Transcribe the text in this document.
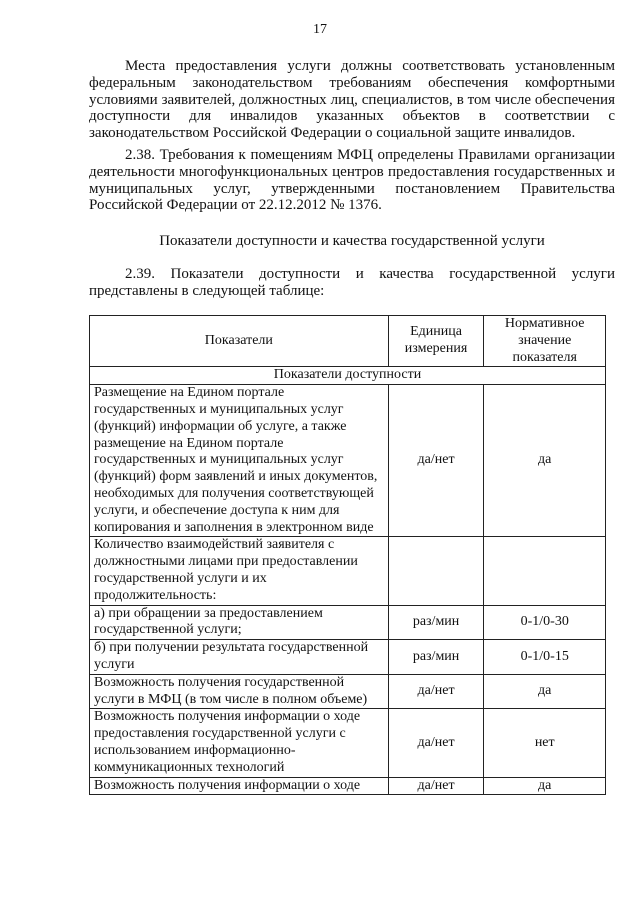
17

Места предоставления услуги должны соответствовать установленным федеральным законодательством требованиям обеспечения комфортными условиями заявителей, должностных лиц, специалистов, в том числе обеспечения доступности для инвалидов указанных объектов в соответствии с законодательством Российской Федерации о социальной защите инвалидов.

2.38. Требования к помещениям МФЦ определены Правилами организации деятельности многофункциональных центров предоставления государственных и муниципальных услуг, утвержденными постановлением Правительства Российской Федерации от 22.12.2012 № 1376.

Показатели доступности и качества государственной услуги

2.39. Показатели доступности и качества государственной услуги представлены в следующей таблице:

Показатели	Единица измерения	Нормативное значение показателя
Показатели доступности		
Размещение на Едином портале государственных и муниципальных услуг (функций) информации об услуге, а также размещение на Едином портале государственных и муниципальных услуг (функций) форм заявлений и иных документов, необходимых для получения соответствующей услуги, и обеспечение доступа к ним для копирования и заполнения в электронном виде	да/нет	да
Количество взаимодействий заявителя с должностными лицами при предоставлении государственной услуги и их продолжительность:		
а) при обращении за предоставлением государственной услуги;	раз/мин	0-1/0-30
б) при получении результата государственной услуги	раз/мин	0-1/0-15
Возможность получения государственной услуги в МФЦ (в том числе в полном объеме)	да/нет	да
Возможность получения информации о ходе предоставления государственной услуги с использованием информационно-коммуникационных технологий	да/нет	нет
Возможность получения информации о ходе	да/нет	да
